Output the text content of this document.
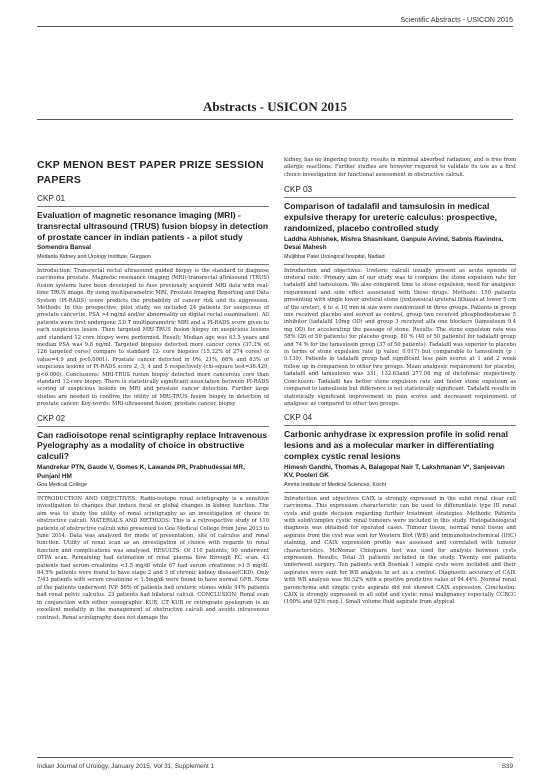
Scientific Abstracts - USICON 2015
Abstracts - USICON 2015
CKP MENON BEST PAPER PRIZE SESSION PAPERS
CKP 01
Evaluation of magnetic resonance imaging (MRI) - transrectal ultrasound (TRUS) fusion biopsy in detection of prostate cancer in indian patients - a pilot study
Somendra Bansal
Medanta Kidney and Urology Institute, Gurgaon
Introduction: Transrectal rectal ultrasound guided biopsy is the standard to diagnose carcinoma prostate. Magnetic resonance imaging (MRI)-transrectal ultrasound (TRUS) fusion systems have been developed to fuse previously acquired MRI data with real-time TRUS image. By using multiparametric MRI, Prostate Imaging Reporting and Data System (PI-RADS) score predicts the probability of cancer risk and its aggression. Methods: In this prospective, pilot study, we included 24 patients for suspicious of prostate cancer(ie, PSA >4 ng/ml and/or abnormality on digital rectal examination). All patients were first undergone 3.0 T multiparametric MRI and a PI-RADS score given to each suspicious lesion. Then targeted MRI-TRUS fusion biopsy on suspicious lesions and standard 12 core biopsy were performed. Result: Median age was 63.5 years and median PSA was 9.8 ng/ml. Targeted biopsies detected more cancer cores (37.3% of 126 targeted cores) compare to standard 12- core biopsies (15.32% of 274 cores) (z value=4.9 and p<0.0001). Prostate cancer detected in 0%, 21%, 66% and 83% of suspicious lesions of PI-RADS score 2, 3, 4 and 5 respectively (chi-square test=36.429, p<0.000). Conclusions: MRI-TRUS fusion biopsy detected more cancerous core than standard 12-core biopsy. There is statistically significant association between PI-RADS scoring of suspicious lesions on MRI and prostate cancer detection. Further large studies are needed to confirm the utility of MRI-TRUS fusion biopsy in detection of prostate cancer. Key-words: MRI-ultrasound fusion, prostate cancer, biopsy
CKP 02
Can radioisotope renal scintigraphy replace Intravenous Pyelography as a modality of choice in obstructive calculi?
Mandrekar PTN, Gaude V, Gomes K, Lawande PR, Prabhudessai MR, Punjani HM
Goa Medical College
INTRODUCTION AND OBJECTIVES: Radio-isotope renal scintigraphy is a sensitive investigation to changes that induce focal or global changes in kidney function. The aim was to study the utility of renal scintigraphy as an investigation of choice in obstructive calculi. MATERIALS AND METHODS: This is a retrospective study of 110 patients of obstructive calculi who presented to Goa Medical College from June 2013 to June 2014. Data was analyzed for mode of presentation, site of calculus and renal function. Utility of renal scan as an investigation of choice with regards to renal function and complications was analysed. RESULTS: Of 110 patients, 90 underwent DTPA scan. Remaining had estimation of renal plasma flow through EC scan. 43 patients had serum creatinine <1.5 mg/dl while 67 had serum creatinine >1.5 mg/dl. 84.5% patients were found to have stage 2 and 3 of chronic kidney disease(CKD). Only 7/43 patients with serum creatinine < 1.5mg/dl were found to have normal GFR. None of the patients underwent IVP. 56% of patients had ureteric stones while 44% patients had renal pelvic calculus. 23 patients had bilateral calculi. CONCLUSION: Renal scan in conjunction with either sonographic KUB, CT KUB or retrograde pyelogram is an excellent modality in the management of obstructive calculi and avoids intravenous contrast. Renal scintigraphy does not damage the
kidney, has no lingering toxicity, results in minimal absorbed radiation, and is free from allergic reactions. Further studies are however required to validate its use as a first choice investigation for functional assessment in obstructive calculi.
CKP 03
Comparison of tadalafil and tamsulosin in medical expulsive therapy for ureteric calculus: prospective, randomized, placebo controlled study
Laddha Abhishek, Mishra Shashikant, Ganpule Arvind, Sabnis Ravindra, Desai Mahesh
Muljibhai Patel Urological hospital, Nadiad
Introduction and objectives: Ureteric calculi usually present as acute episode of ureteral colic. Primary aim of our study was to compare the stone expulsion rate for tadalafil and tamsulosin. We also compared time to stone expulsion, need for analgesic requirement and side effect associated with these drugs. Methods: 150 patients presenting with single lower ureteral stone (juxtavesical ureteral lithiasis at lower 5 cm of the ureter), 4 to ≤ 10 mm in size were randomized in three groups. Patients in group one received placebo and served as control, group two received phosphodiesterase 5 inhibitor (tadalafil 10mg OD) and group 3 received alfa one blockers (tamsulosin 0.4 mg OD) for accelerating the passage of stone. Results: The stone expulsion rate was 58% (26 of 50 patients) for placebo group, 80 % (40 of 50 patients) for tadalafil group and 74 % for the tamsulosin group (37 of 50 patients). Tadalafil was superior to placebo in terms of stone expulsion rate (p value: 0.017) but comparable to tamsulosin (p : 0.139). Patients in tadalafil group had significant less pain scores at 1 and 2 week follow up in comparison to other two groups. Mean analgesic requirement for placebo, tadalafil and tamsulosin was 331, 132.63and 277.08 mg of diclofenac respectively. Conclusion: Tadalafil has better stone expulsion rate and faster stone expulsion as compared to tamsulosin but difference is not statistically significant. Tadalafil results in statistically significant improvement in pain scores and decreased requirement of analgesic as compared to other two groups.
CKP 04
Carbonic anhydrase ix expression profile in solid renal lesions and as a molecular marker in differentiating complex cystic renal lesions
Himesh Gandhi, Thomas A, Balagopal Nair T, Lakshmanan V*, Sanjeevan KV, Pooleri GK
Amrita Institute of Medical Sciences, Kochi
Introduction and objectives CAIX is strongly expressed in the solid renal clear cell carcinoma. This expression characteristic can be used to differentiate type III renal cysts and guide decision regarding further treatment strategies. Methods: Patients with solid/complex cystic renal tumours were included in this study. Histopathological diagnosis was obtained for operated cases. Tumour tissue, normal renal tissue and aspirate from the cyst was sent for Western Blot (WB) and Immunohistochemical (IHC) staining, and CAIX expression profile was assessed and correlated with tumour characteristics. McNemar Chisquare test was used for analysis between cysts expression. Results: Total 31 patients included in the study. Twenty one patients underwent surgery. Ten patients with Bosniak I simple cysts were included and their aspirates were sent for WB analysis to act as a control. Diagnostic accuracy of CAIX with WB analysis was 90.32% with a positive predictive value of 94.44%. Normal renal parenchyma and simple cysts aspirate did not showed CAIX expression. Conclusion: CAIX is strongly expressed in all solid and cystic renal malignancy especially CCRCC (100% and 92% resp.). Small volume fluid aspirate from atypical
Indian Journal of Urology, January 2015, Vol 31; Supplement 1	S39
